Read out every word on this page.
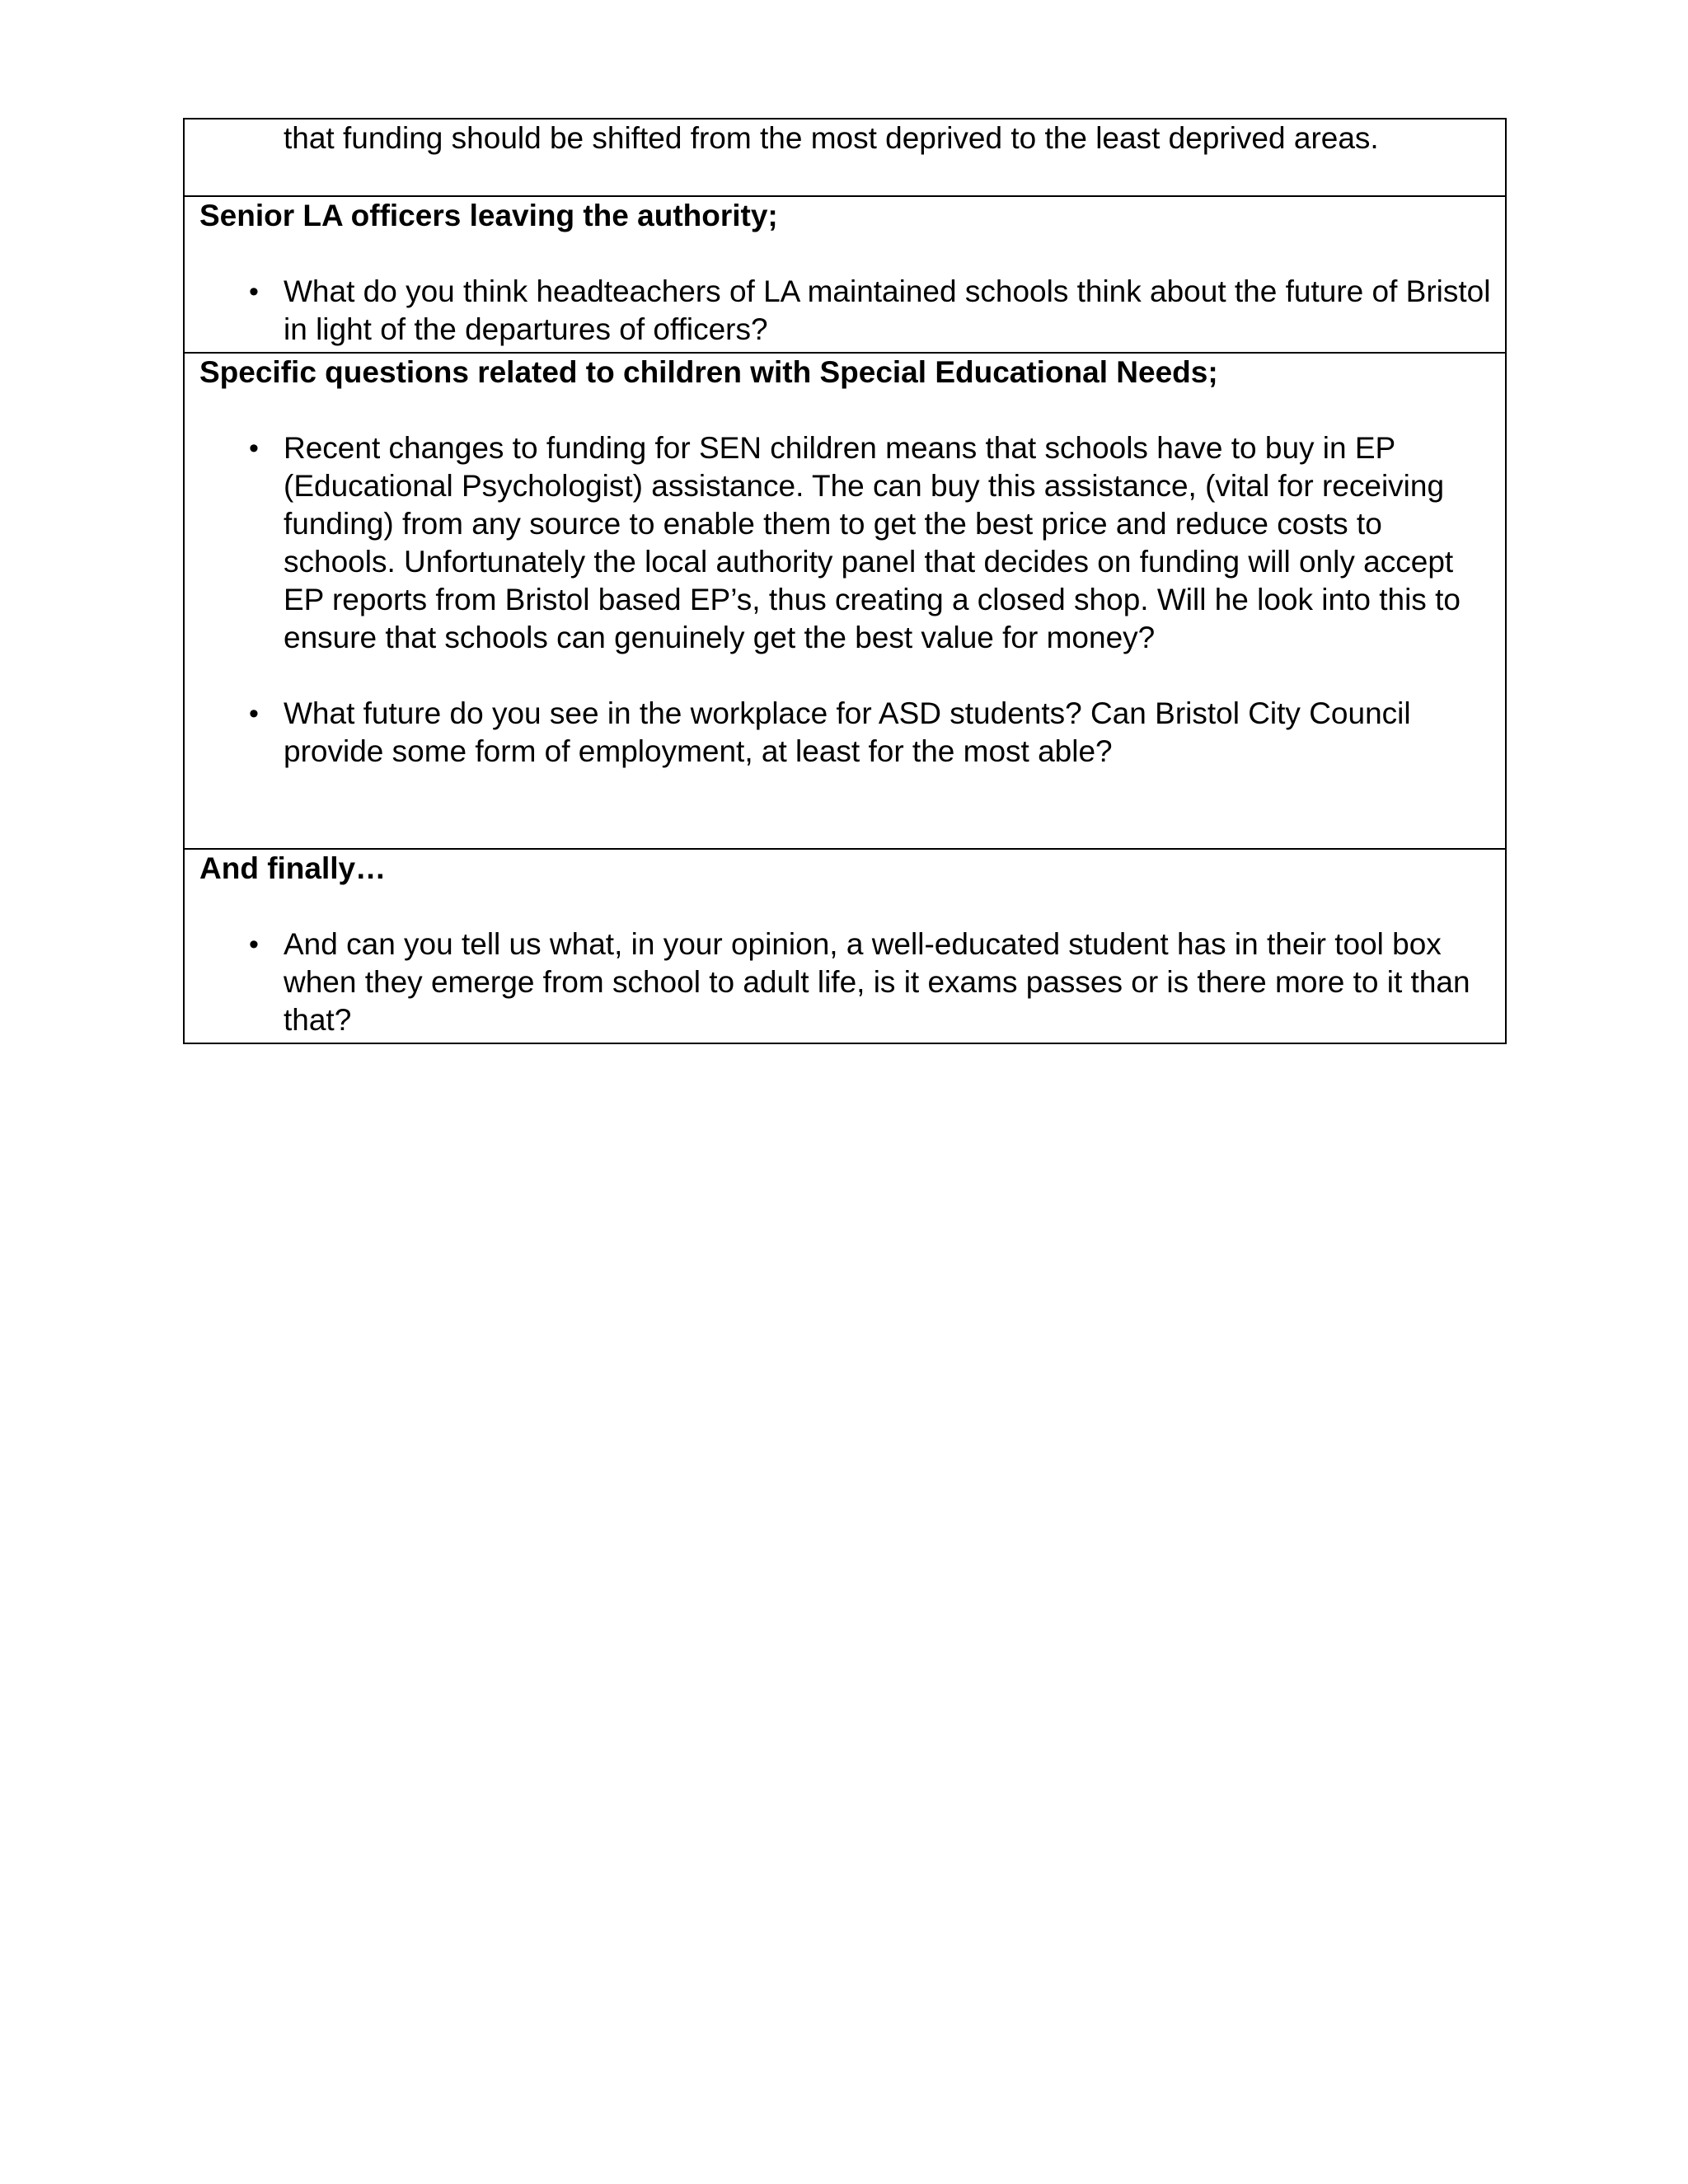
that funding should be shifted from the most deprived to the least deprived areas.

Senior LA officers leaving the authority;
• What do you think headteachers of LA maintained schools think about the future of Bristol in light of the departures of officers?

Specific questions related to children with Special Educational Needs;
• Recent changes to funding for SEN children means that schools have to buy in EP (Educational Psychologist) assistance. The can buy this assistance, (vital for receiving funding) from any source to enable them to get the best price and reduce costs to schools. Unfortunately the local authority panel that decides on funding will only accept EP reports from Bristol based EP’s, thus creating a closed shop. Will he look into this to ensure that schools can genuinely get the best value for money?
• What future do you see in the workplace for ASD students? Can Bristol City Council provide some form of employment, at least for the most able?

And finally…
• And can you tell us what, in your opinion, a well-educated student has in their tool box when they emerge from school to adult life, is it exams passes or is there more to it than that?
